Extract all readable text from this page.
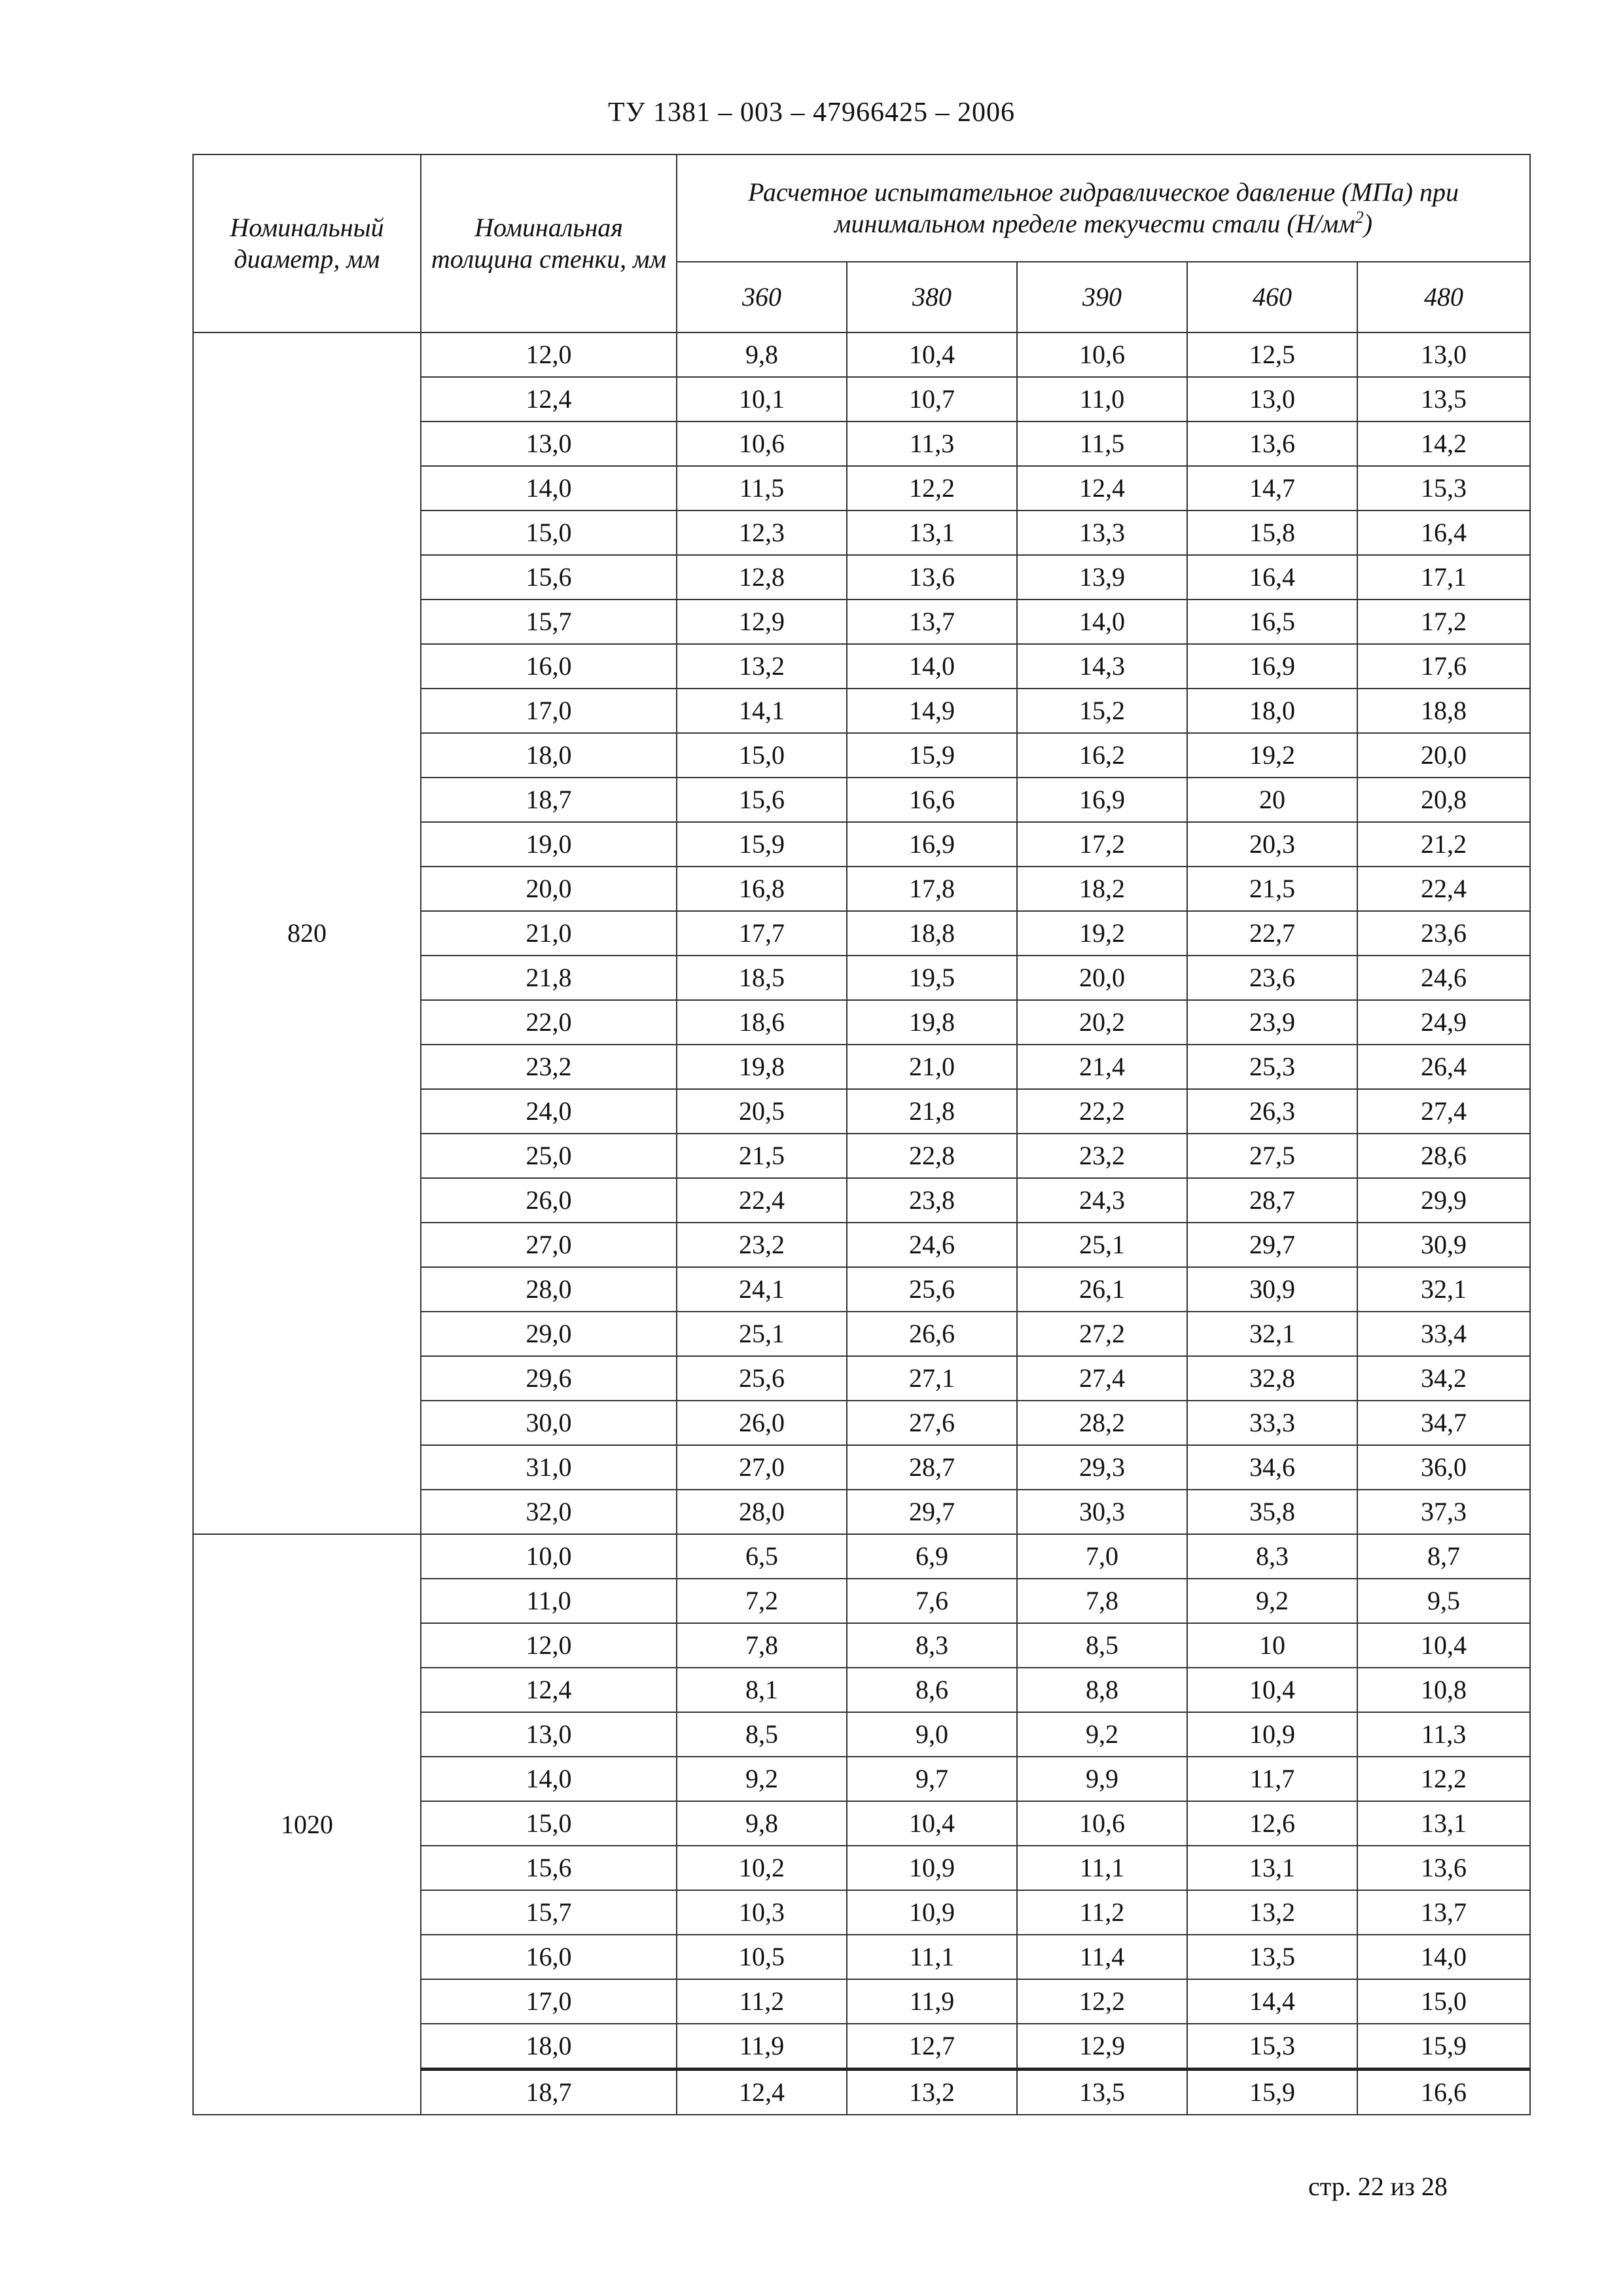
ТУ 1381 – 003 – 47966425 – 2006
Номинальный диаметр, мм	Номинальная толщина стенки, мм	Расчетное испытательное гидравлическое давление (МПа) при минимальном пределе текучести стали $(Н/мм^2)$				
		360	380	390	460	480
820	12,0	9,8	10,4	10,6	12,5	13,0
	12,4	10,1	10,7	11,0	13,0	13,5
	13,0	10,6	11,3	11,5	13,6	14,2
	14,0	11,5	12,2	12,4	14,7	15,3
	15,0	12,3	13,1	13,3	15,8	16,4
	15,6	12,8	13,6	13,9	16,4	17,1
	15,7	12,9	13,7	14,0	16,5	17,2
	16,0	13,2	14,0	14,3	16,9	17,6
	17,0	14,1	14,9	15,2	18,0	18,8
	18,0	15,0	15,9	16,2	19,2	20,0
	18,7	15,6	16,6	16,9	20	20,8
	19,0	15,9	16,9	17,2	20,3	21,2
	20,0	16,8	17,8	18,2	21,5	22,4
	21,0	17,7	18,8	19,2	22,7	23,6
	21,8	18,5	19,5	20,0	23,6	24,6
	22,0	18,6	19,8	20,2	23,9	24,9
	23,2	19,8	21,0	21,4	25,3	26,4
	24,0	20,5	21,8	22,2	26,3	27,4
	25,0	21,5	22,8	23,2	27,5	28,6
	26,0	22,4	23,8	24,3	28,7	29,9
	27,0	23,2	24,6	25,1	29,7	30,9
	28,0	24,1	25,6	26,1	30,9	32,1
	29,0	25,1	26,6	27,2	32,1	33,4
	29,6	25,6	27,1	27,4	32,8	34,2
	30,0	26,0	27,6	28,2	33,3	34,7
	31,0	27,0	28,7	29,3	34,6	36,0
	32,0	28,0	29,7	30,3	35,8	37,3
1020	10,0	6,5	6,9	7,0	8,3	8,7
	11,0	7,2	7,6	7,8	9,2	9,5
	12,0	7,8	8,3	8,5	10	10,4
	12,4	8,1	8,6	8,8	10,4	10,8
	13,0	8,5	9,0	9,2	10,9	11,3
	14,0	9,2	9,7	9,9	11,7	12,2
	15,0	9,8	10,4	10,6	12,6	13,1
	15,6	10,2	10,9	11,1	13,1	13,6
	15,7	10,3	10,9	11,2	13,2	13,7
	16,0	10,5	11,1	11,4	13,5	14,0
	17,0	11,2	11,9	12,2	14,4	15,0
	18,0	11,9	12,7	12,9	15,3	15,9
	18,7	12,4	13,2	13,5	15,9	16,6
стр. 22 из 28
